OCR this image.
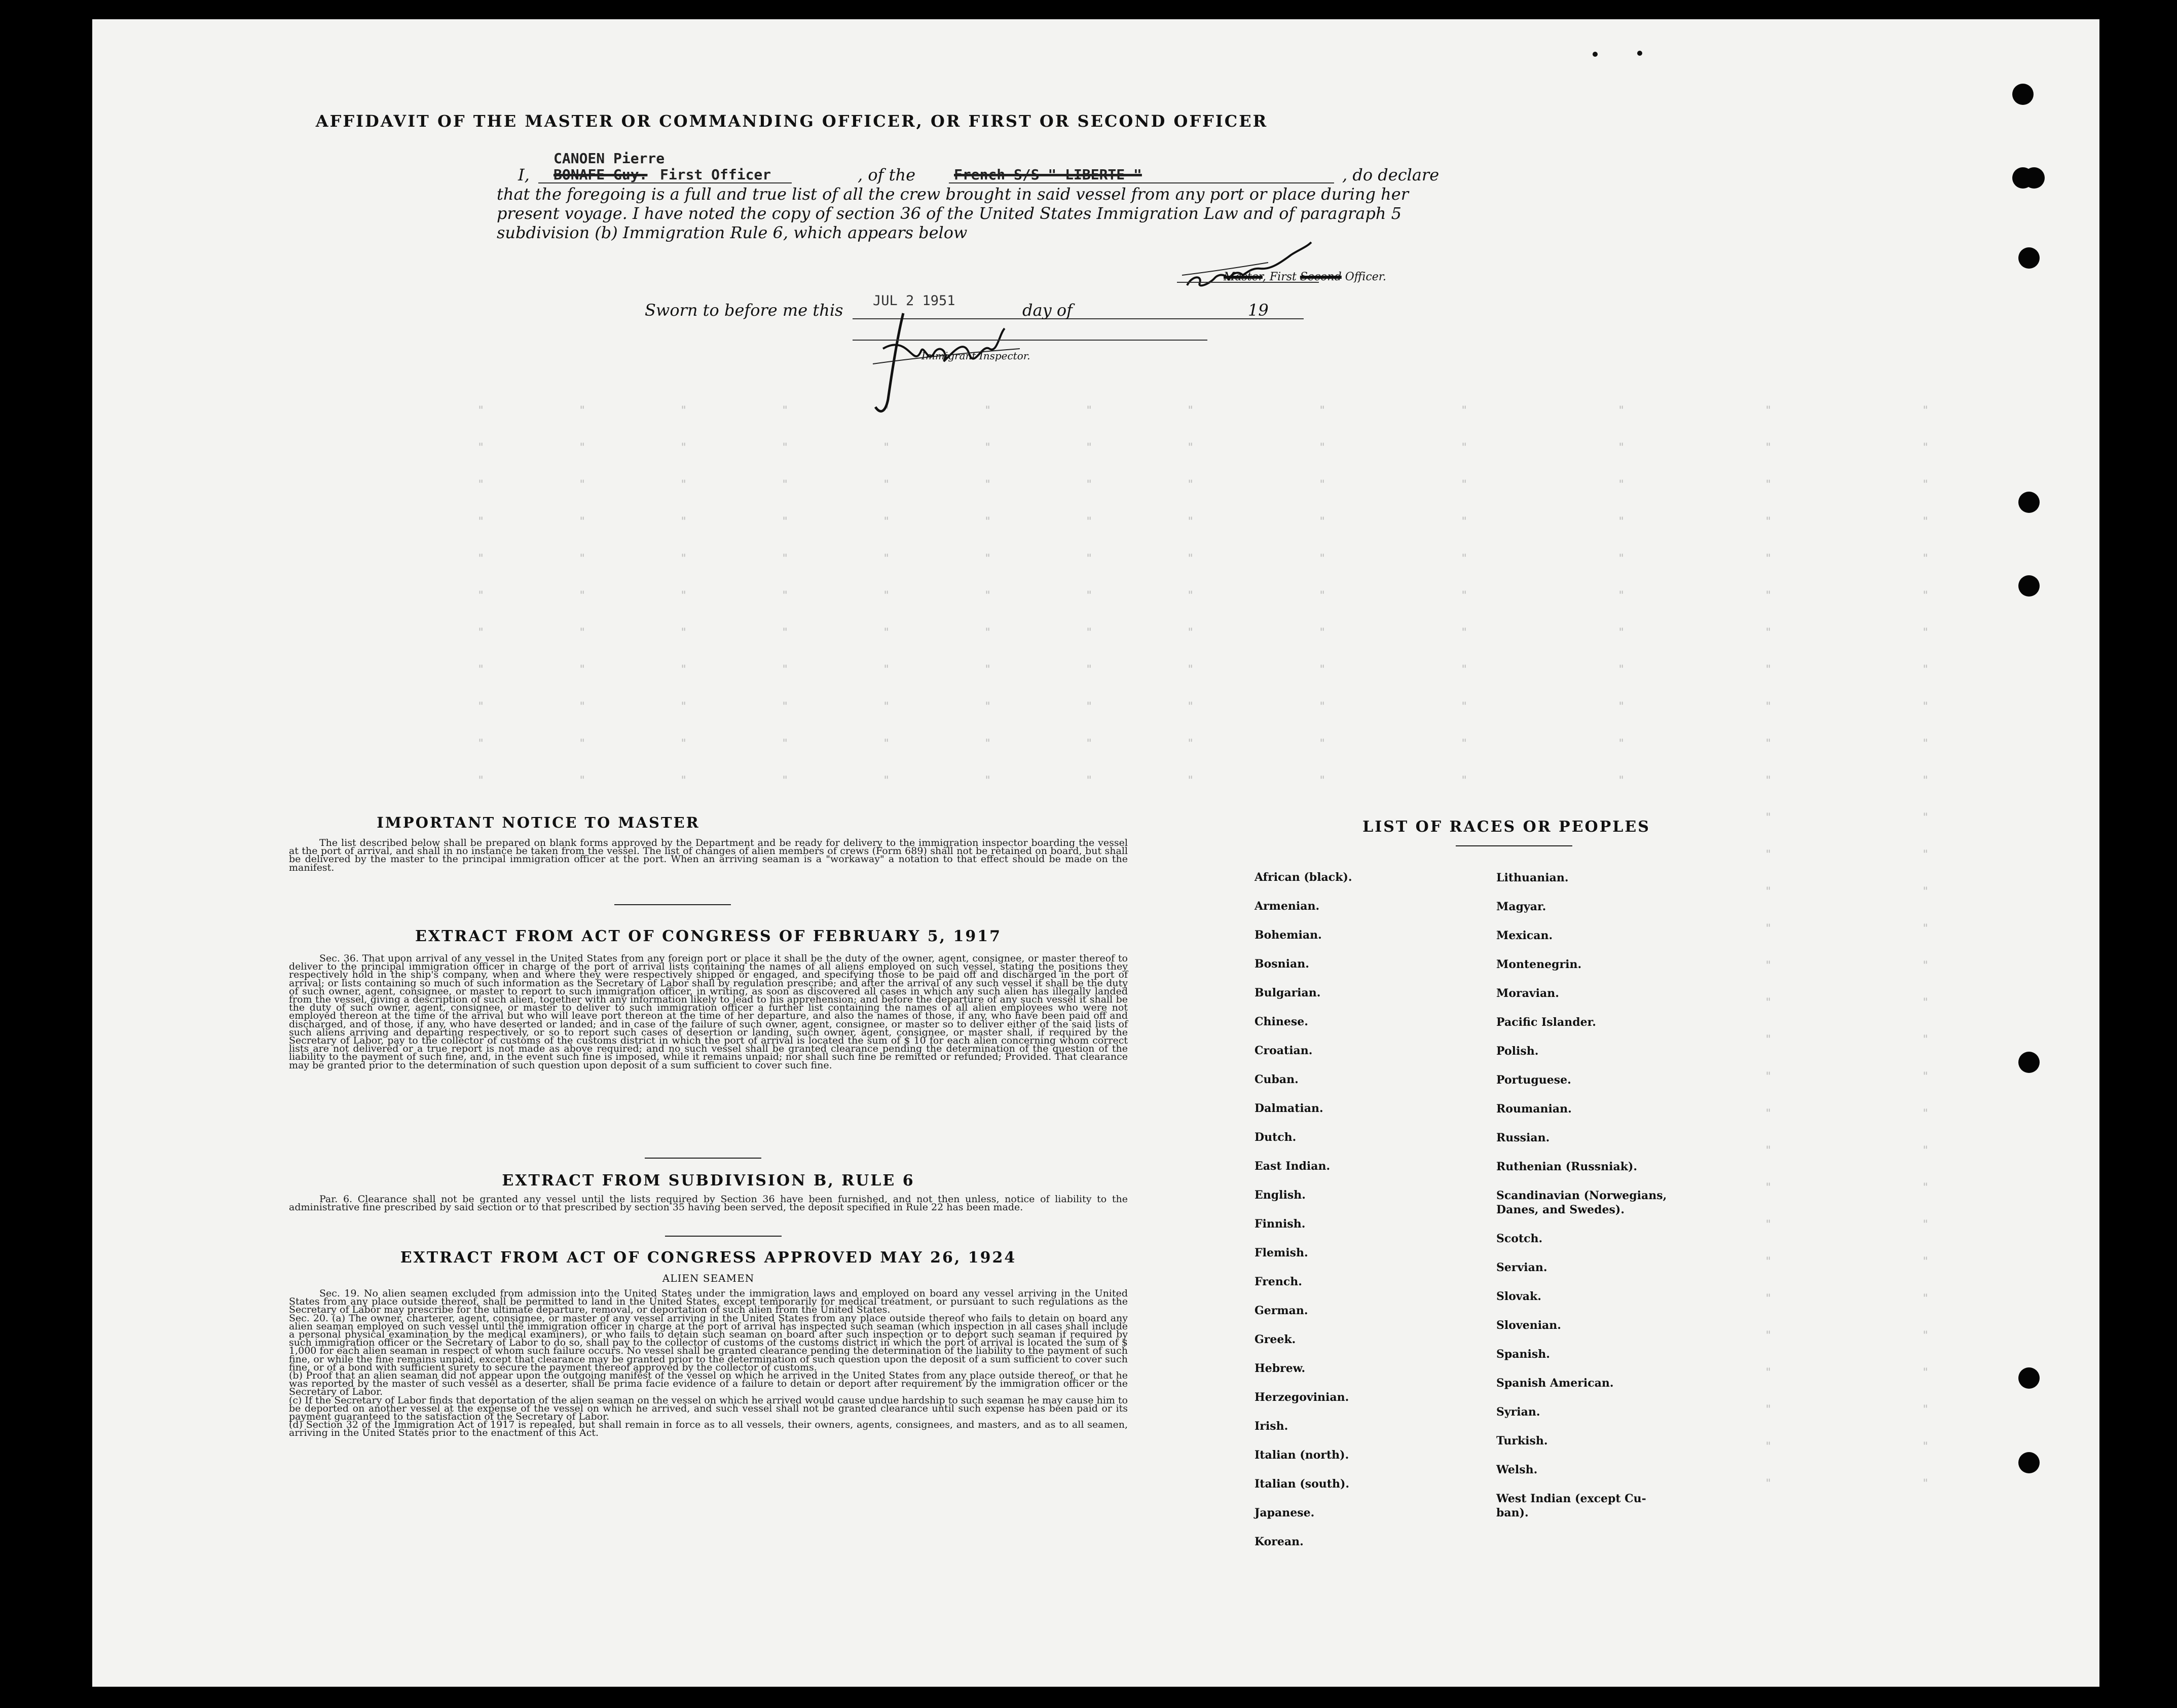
AFFIDAVIT OF THE MASTER OR COMMANDING OFFICER, OR FIRST OR SECOND OFFICER
CANOEN Pierre
I, BONAFE Guy. First Officer	, of the	French S/S " LIBERTE "	, do declare
that the foregoing is a full and true list of all the crew brought in said vessel from any port or place during her
present voyage. I have noted the copy of section 36 of the United States Immigration Law and of paragraph 5
subdivision (b) Immigration Rule 6, which appears below
Master, First Second Officer.
Sworn to before me this JUL 2 1951	day of	19
Immigrant Inspector.
"	"	"	"	"	"	"	"	"	"	"	"	"
"	"	"	"	"	"	"	"	"	"	"	"	"
"	"	"	"	"	"	"	"	"	"	"	"	"
"	"	"	"	"	"	"	"	"	"	"	"	"
"	"	"	"	"	"	"	"	"	"	"	"	"
"	"	"	"	"	"	"	"	"	"	"	"	"
"	"	"	"	"	"	"	"	"	"	"	"	"
"	"	"	"	"	"	"	"	"	"	"	"	"
"	"	"	"	"	"	"	"	"	"	"	"	"
"	"	"	"	"	"	"	"	"	"	"	"	"
"	"	"	"	"	"	"	"	"	"	"	"	"
"	"
"	"
"	"
"	"
"	"
"	"
"	"
"	"
"	"
"	"
"	"
"	"
"	"
"	"
"	"
"	"
"	"
"	"
"	"
IMPORTANT NOTICE TO MASTER
The list described below shall be prepared on blank forms approved by the Department and be ready for delivery to the immigration inspector boarding the vessel at the port of arrival, and shall in no instance be taken from the vessel. The list of changes of alien members of crews (Form 689) shall not be retained on board, but shall be delivered by the master to the principal immigration officer at the port. When an arriving seaman is a "workaway" a notation to that effect should be made on the manifest.
EXTRACT FROM ACT OF CONGRESS OF FEBRUARY 5, 1917
Sec. 36. That upon arrival of any vessel in the United States from any foreign port or place it shall be the duty of the owner, agent, consignee, or master thereof to deliver to the principal immigration officer in charge of the port of arrival lists containing the names of all aliens employed on such vessel, stating the positions they respectively hold in the ship's company, when and where they were respectively shipped or engaged, and specifying those to be paid off and discharged in the port of arrival; or lists containing so much of such information as the Secretary of Labor shall by regulation prescribe; and after the arrival of any such vessel it shall be the duty of such owner, agent, consignee, or master to report to such immigration officer, in writing, as soon as discovered all cases in which any such alien has illegally landed from the vessel, giving a description of such alien, together with any information likely to lead to his apprehension; and before the departure of any such vessel it shall be the duty of such owner, agent, consignee, or master to deliver to such immigration officer a further list containing the names of all alien employees who were not employed thereon at the time of the arrival but who will leave port thereon at the time of her departure, and also the names of those, if any, who have been paid off and discharged, and of those, if any, who have deserted or landed; and in case of the failure of such owner, agent, consignee, or master so to deliver either of the said lists of such aliens arriving and departing respectively, or so to report such cases of desertion or landing, such owner, agent, consignee, or master shall, if required by the Secretary of Labor, pay to the collector of customs of the customs district in which the port of arrival is located the sum of $ 10 for each alien concerning whom correct lists are not delivered or a true report is not made as above required; and no such vessel shall be granted clearance pending the determination of the question of the liability to the payment of such fine, and, in the event such fine is imposed, while it remains unpaid; nor shall such fine be remitted or refunded; Provided. That clearance may be granted prior to the determination of such question upon deposit of a sum sufficient to cover such fine.
EXTRACT FROM SUBDIVISION B, RULE 6
Par. 6. Clearance shall not be granted any vessel until the lists required by Section 36 have been furnished, and not then unless, notice of liability to the administrative fine prescribed by said section or to that prescribed by section 35 having been served, the deposit specified in Rule 22 has been made.
EXTRACT FROM ACT OF CONGRESS APPROVED MAY 26, 1924
ALIEN SEAMEN
Sec. 19. No alien seamen excluded from admission into the United States under the immigration laws and employed on board any vessel arriving in the United States from any place outside thereof, shall be permitted to land in the United States, except temporarily for medical treatment, or pursuant to such regulations as the Secretary of Labor may prescribe for the ultimate departure, removal, or deportation of such alien from the United States.
Sec. 20. (a) The owner, charterer, agent, consignee, or master of any vessel arriving in the United States from any place outside thereof who fails to detain on board any alien seaman employed on such vessel until the immigration officer in charge at the port of arrival has inspected such seaman (which inspection in all cases shall include a personal physical examination by the medical examiners), or who fails to detain such seaman on board after such inspection or to deport such seaman if required by such immigration officer or the Secretary of Labor to do so, shall pay to the collector of customs of the customs district in which the port of arrival is located the sum of $ 1,000 for each alien seaman in respect of whom such failure occurs. No vessel shall be granted clearance pending the determination of the liability to the payment of such fine, or while the fine remains unpaid, except that clearance may be granted prior to the determination of such question upon the deposit of a sum sufficient to cover such fine, or of a bond with sufficient surety to secure the payment thereof approved by the collector of customs.
(b) Proof that an alien seaman did not appear upon the outgoing manifest of the vessel on which he arrived in the United States from any place outside thereof, or that he was reported by the master of such vessel as a deserter, shall be prima facie evidence of a failure to detain or deport after requirement by the immigration officer or the Secretary of Labor.
(c) If the Secretary of Labor finds that deportation of the alien seaman on the vessel on which he arrived would cause undue hardship to such seaman he may cause him to be deported on another vessel at the expense of the vessel on which he arrived, and such vessel shall not be granted clearance until such expense has been paid or its payment guaranteed to the satisfaction of the Secretary of Labor.
(d) Section 32 of the Immigration Act of 1917 is repealed, but shall remain in force as to all vessels, their owners, agents, consignees, and masters, and as to all seamen, arriving in the United States prior to the enactment of this Act.
LIST OF RACES OR PEOPLES
African (black).
Armenian.
Bohemian.
Bosnian.
Bulgarian.
Chinese.
Croatian.
Cuban.
Dalmatian.
Dutch.
East Indian.
English.
Finnish.
Flemish.
French.
German.
Greek.
Hebrew.
Herzegovinian.
Irish.
Italian (north).
Italian (south).
Japanese.
Korean.
Lithuanian.
Magyar.
Mexican.
Montenegrin.
Moravian.
Pacific Islander.
Polish.
Portuguese.
Roumanian.
Russian.
Ruthenian (Russniak).
Scandinavian (Norwegians,
Danes, and Swedes).
Scotch.
Servian.
Slovak.
Slovenian.
Spanish.
Spanish American.
Syrian.
Turkish.
Welsh.
West Indian (except Cu-
ban).
